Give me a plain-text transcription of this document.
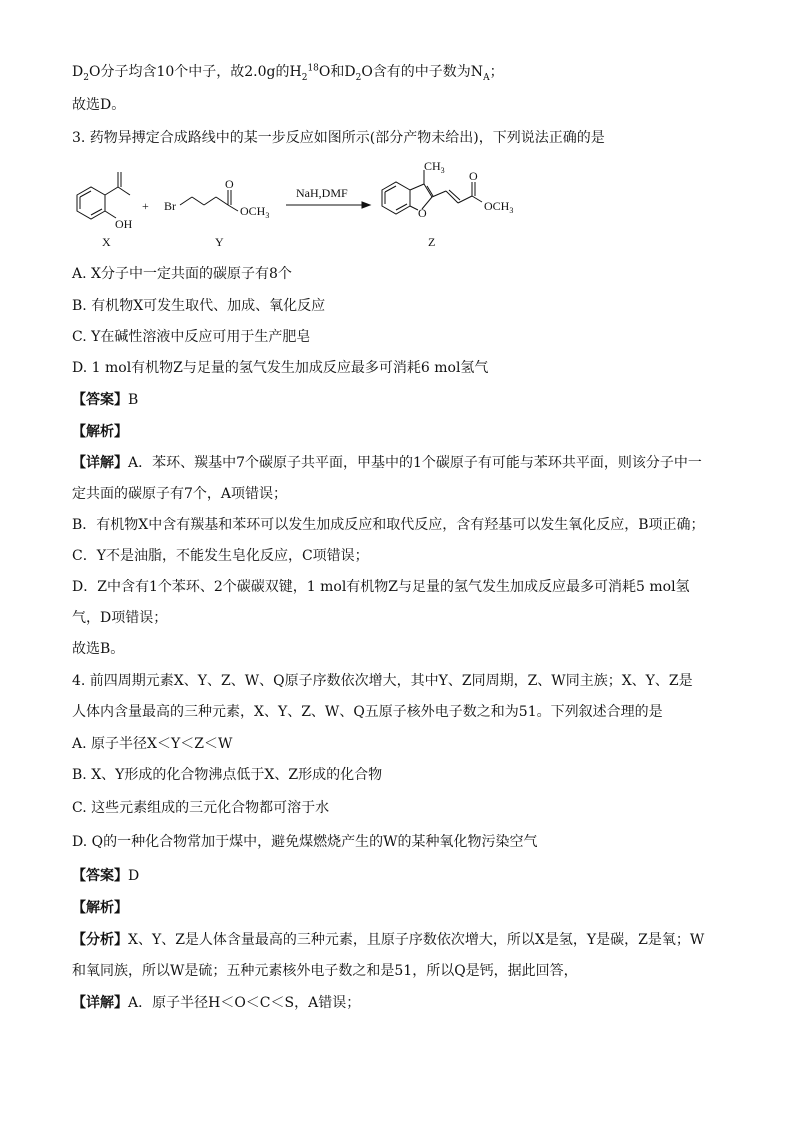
$D_2O$分子均含10个中子，故2.0g的$H_2^{18}O$和$D_2O$含有的中子数为$N_A$；
故选D。
3. 药物异搏定合成路线中的某一步反应如图所示(部分产物未给出)，下列说法正确的是
OH
+ Br
O
$OCH_3$
NaH,DMF
$CH_3$
O
O
$OCH_3$
X	Y	Z
A. X分子中一定共面的碳原子有8个
B. 有机物X可发生取代、加成、氧化反应
C. Y在碱性溶液中反应可用于生产肥皂
D. 1 mol有机物Z与足量的氢气发生加成反应最多可消耗6 mol氢气
【答案】B
【解析】
【详解】A．苯环、羰基中7个碳原子共平面，甲基中的1个碳原子有可能与苯环共平面，则该分子中一
定共面的碳原子有7个，A项错误；
B．有机物X中含有羰基和苯环可以发生加成反应和取代反应，含有羟基可以发生氧化反应，B项正确；
C．Y不是油脂，不能发生皂化反应，C项错误；
D．Z中含有1个苯环、2个碳碳双键，1 mol有机物Z与足量的氢气发生加成反应最多可消耗5 mol氢
气，D项错误；
故选B。
4. 前四周期元素X、Y、Z、W、Q原子序数依次增大，其中Y、Z同周期，Z、W同主族；X、Y、Z是
人体内含量最高的三种元素，X、Y、Z、W、Q五原子核外电子数之和为51。下列叙述合理的是
A. 原子半径X＜Y＜Z＜W
B. X、Y形成的化合物沸点低于X、Z形成的化合物
C. 这些元素组成的三元化合物都可溶于水
D. Q的一种化合物常加于煤中，避免煤燃烧产生的W的某种氧化物污染空气
【答案】D
【解析】
【分析】X、Y、Z是人体含量最高的三种元素，且原子序数依次增大，所以X是氢，Y是碳，Z是氧；W
和氧同族，所以W是硫；五种元素核外电子数之和是51，所以Q是钙，据此回答，
【详解】A．原子半径H＜O＜C＜S，A错误；
